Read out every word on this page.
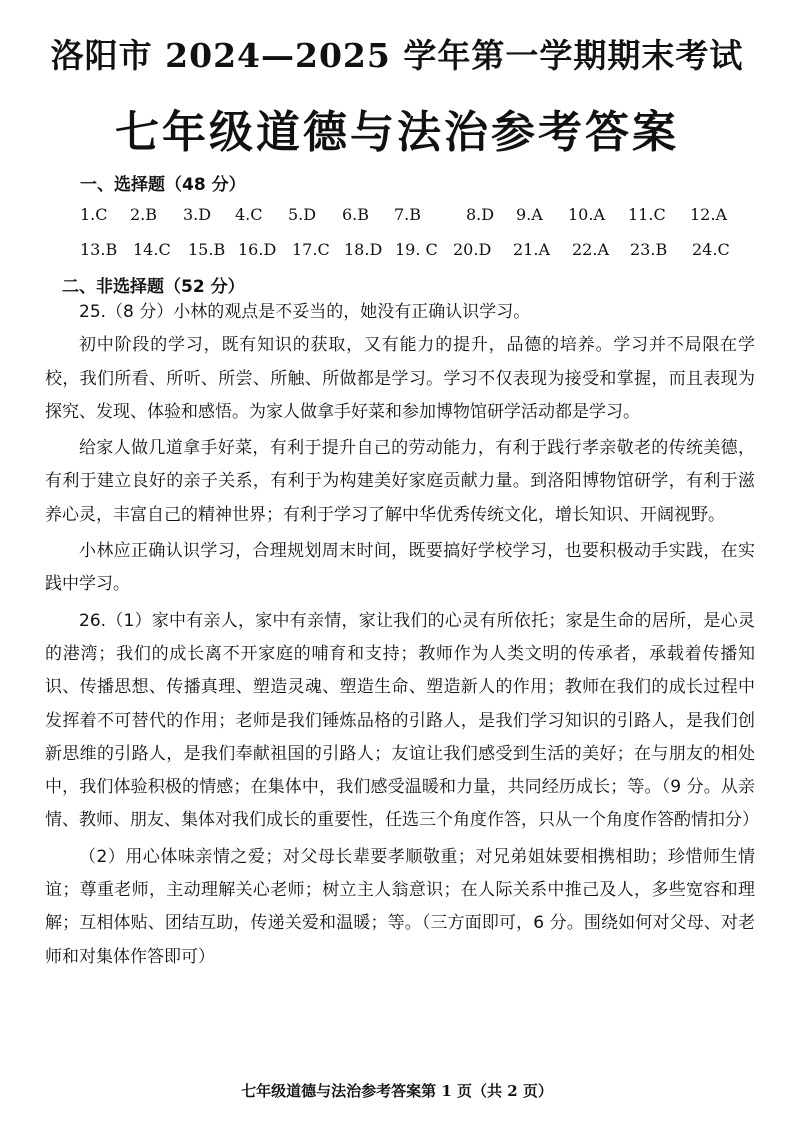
洛阳市 2024—2025 学年第一学期期末考试
七年级道德与法治参考答案
一、选择题（48 分）
1.C 2.B 3.D 4.C 5.D 6.B 7.B	8.D 9.A 10.A 11.C 12.A
13.B 14.C 15.B 16.D 17.C 18.D 19. C 20.D 21.A 22.A 23.B 24.C
二、非选择题（52 分）

25.（8 分）小林的观点是不妥当的，她没有正确认识学习。

初中阶段的学习，既有知识的获取，又有能力的提升，品德的培养。学习并不局限在学校，我们所看、所听、所尝、所触、所做都是学习。学习不仅表现为接受和掌握，而且表现为探究、发现、体验和感悟。为家人做拿手好菜和参加博物馆研学活动都是学习。

给家人做几道拿手好菜，有利于提升自己的劳动能力，有利于践行孝亲敬老的传统美德，有利于建立良好的亲子关系，有利于为构建美好家庭贡献力量。到洛阳博物馆研学，有利于滋养心灵，丰富自己的精神世界；有利于学习了解中华优秀传统文化，增长知识、开阔视野。

小林应正确认识学习，合理规划周末时间，既要搞好学校学习，也要积极动手实践，在实践中学习。

26.（1）家中有亲人，家中有亲情，家让我们的心灵有所依托；家是生命的居所，是心灵的港湾；我们的成长离不开家庭的哺育和支持；教师作为人类文明的传承者，承载着传播知识、传播思想、传播真理、塑造灵魂、塑造生命、塑造新人的作用；教师在我们的成长过程中发挥着不可替代的作用；老师是我们锤炼品格的引路人，是我们学习知识的引路人，是我们创新思维的引路人，是我们奉献祖国的引路人；友谊让我们感受到生活的美好；在与朋友的相处中，我们体验积极的情感；在集体中，我们感受温暖和力量，共同经历成长；等。（9 分。从亲情、教师、朋友、集体对我们成长的重要性，任选三个角度作答，只从一个角度作答酌情扣分）

（2）用心体味亲情之爱；对父母长辈要孝顺敬重；对兄弟姐妹要相携相助；珍惜师生情谊；尊重老师，主动理解关心老师；树立主人翁意识；在人际关系中推己及人，多些宽容和理解；互相体贴、团结互助，传递关爱和温暖；等。（三方面即可，6 分。围绕如何对父母、对老师和对集体作答即可）

七年级道德与法治参考答案第 1 页（共 2 页）
